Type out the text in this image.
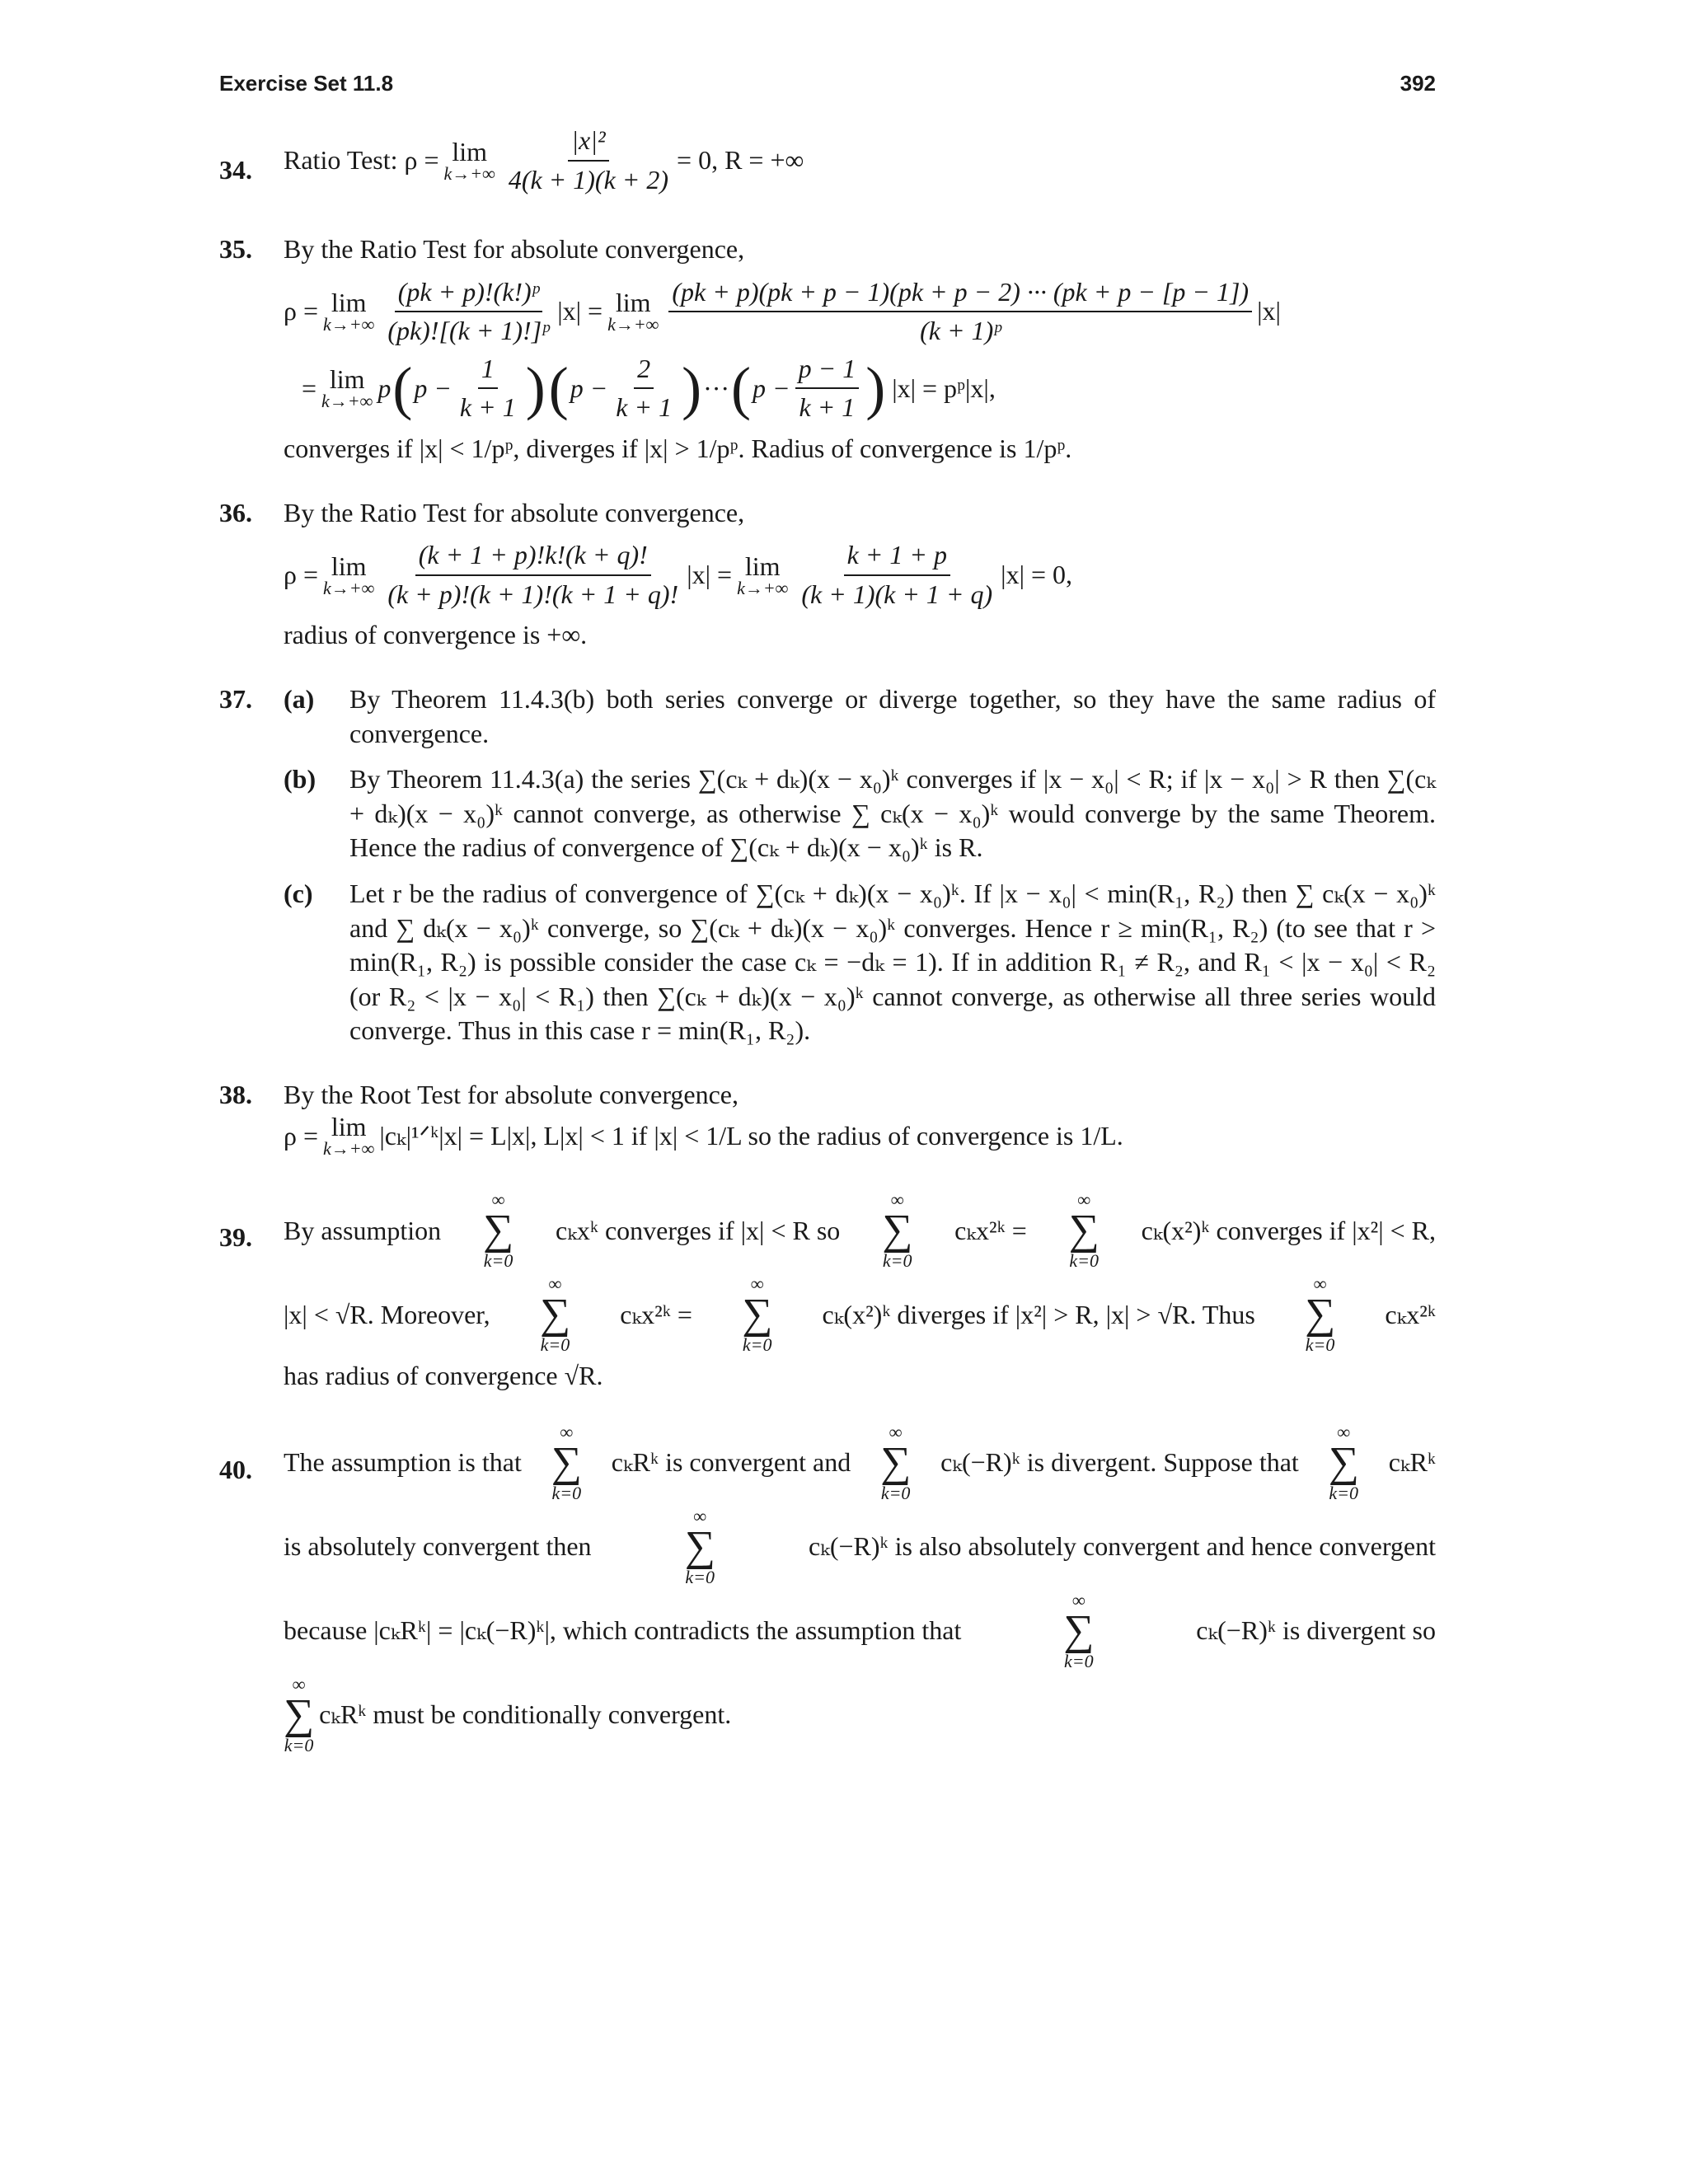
Exercise Set 11.8	392
34. Ratio Test: ρ = lim
$k\to+\infty \frac{\text{|x|²}}{4(k + 1)(k + 2)} = 0$, R = +∞
35. By the Ratio Test for absolute convergence,

ρ = lim
$k\to+\infty \frac{\text{(pk + p)!(k!)ᵖ}}{\text{(pk)![(k + 1)!]ᵖ}} |x| = \lim$
$k\to+\infty \frac{(pk + p)(pk + p - 1)(pk + p - 2) \cdot\cdot\cdot (pk + p - [p - 1])}{\text{(k + 1)ᵖ}} |x|$
= lim
k→+∞ p ( $p - \frac{1}{k + 1}$ ) ( $p - \frac{2}{k + 1}$ ) ··· ( $p - \frac{p - 1}{k + 1}$ ) |x| = pᵖ|x|,

converges if |x| < 1/pᵖ, diverges if |x| > 1/pᵖ. Radius of convergence is 1/pᵖ.

36. By the Ratio Test for absolute convergence,

ρ = lim
$k\to+\infty \frac{(k + 1 + p)!k!(k + q)!}{(k + p)!(k + 1)!(k + 1 + q)!} |x| = \lim$
$k\to+\infty \frac{k + 1 + p}{(k + 1)(k + 1 + q)} |x| = 0$,

radius of convergence is +∞.

37. (a) By Theorem 11.4.3(b) both series converge or diverge together, so they have the same radius of convergence.

(b) By Theorem 11.4.3(a) the series ∑(cₖ + dₖ)(x − x₀)ᵏ converges if |x − x₀| < R; if |x − x₀| > R then ∑(cₖ + dₖ)(x − x₀)ᵏ cannot converge, as otherwise ∑ cₖ(x − x₀)ᵏ would converge by the same Theorem. Hence the radius of convergence of ∑(cₖ + dₖ)(x − x₀)ᵏ is R.

(c) Let r be the radius of convergence of ∑(cₖ + dₖ)(x − x₀)ᵏ. If |x − x₀| < min(R₁, R₂) then ∑ cₖ(x − x₀)ᵏ and ∑ dₖ(x − x₀)ᵏ converge, so ∑(cₖ + dₖ)(x − x₀)ᵏ converges. Hence r ≥ min(R₁, R₂) (to see that r > min(R₁, R₂) is possible consider the case cₖ = −dₖ = 1). If in addition R₁ ≠ R₂, and R₁ < |x − x₀| < R₂ (or R₂ < |x − x₀| < R₁) then ∑(cₖ + dₖ)(x − x₀)ᵏ cannot converge, as otherwise all three series would converge. Thus in this case r = min(R₁, R₂).

38. By the Root Test for absolute convergence,

ρ = lim
k→+∞ |cₖ|¹ᐟᵏ|x| = L|x|, L|x| < 1 if |x| < 1/L so the radius of convergence is 1/L.
39. By assumption
∞
∑
k=0
cₖxᵏ converges if |x| < R so
∞
∑
k=0
cₖx²ᵏ =
∞
∑
k=0
cₖ(x²)ᵏ converges if |x²| < R,
|x| < √R. Moreover,
∞
∑
k=0
cₖx²ᵏ =
∞
∑
k=0
cₖ(x²)ᵏ diverges if |x²| > R, |x| > √R. Thus
∞
∑
k=0
cₖx²ᵏ

has radius of convergence √R.

40. The assumption is that
∞
∑
k=0
cₖRᵏ is convergent and
∞
∑
k=0
cₖ(−R)ᵏ is divergent. Suppose that
∞
∑
k=0
cₖRᵏ
is absolutely convergent then
∞
∑
k=0
cₖ(−R)ᵏ is also absolutely convergent and hence convergent
because |cₖRᵏ| = |cₖ(−R)ᵏ|, which contradicts the assumption that
∞
∑
k=0
cₖ(−R)ᵏ is divergent so
∞
∑
k=0
cₖRᵏ must be conditionally convergent.
